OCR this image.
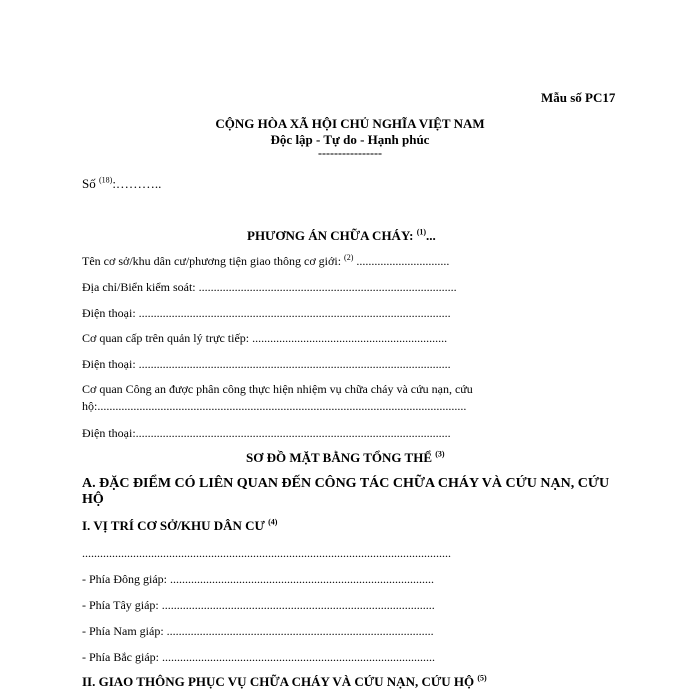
Mẫu số PC17
CỘNG HÒA XÃ HỘI CHỦ NGHĨA VIỆT NAM
Độc lập - Tự do - Hạnh phúc
----------------
Số $^{(18)}$:………..
PHƯƠNG ÁN CHỮA CHÁY: $^{(1)}$...
Tên cơ sở/khu dân cư/phương tiện giao thông cơ giới: $^{(2)}$ ...............................
Địa chỉ/Biển kiểm soát: ......................................................................................
Điện thoại: ........................................................................................................
Cơ quan cấp trên quản lý trực tiếp: .................................................................
Điện thoại: ........................................................................................................
Cơ quan Công an được phân công thực hiện nhiệm vụ chữa cháy và cứu nạn, cứu
hộ:...........................................................................................................................
Điện thoại:.........................................................................................................
SƠ ĐỒ MẶT BẰNG TỔNG THỂ $^{(3)}$
A. ĐẶC ĐIỂM CÓ LIÊN QUAN ĐẾN CÔNG TÁC CHỮA CHÁY VÀ CỨU NẠN, CỨU
HỘ
I. VỊ TRÍ CƠ SỞ/KHU DÂN CƯ $^{(4)}$
...........................................................................................................................
- Phía Đông giáp: ........................................................................................
- Phía Tây giáp: ...........................................................................................
- Phía Nam giáp: .........................................................................................
- Phía Bắc giáp: ...........................................................................................
II. GIAO THÔNG PHỤC VỤ CHỮA CHÁY VÀ CỨU NẠN, CỨU HỘ $^{(5)}$
